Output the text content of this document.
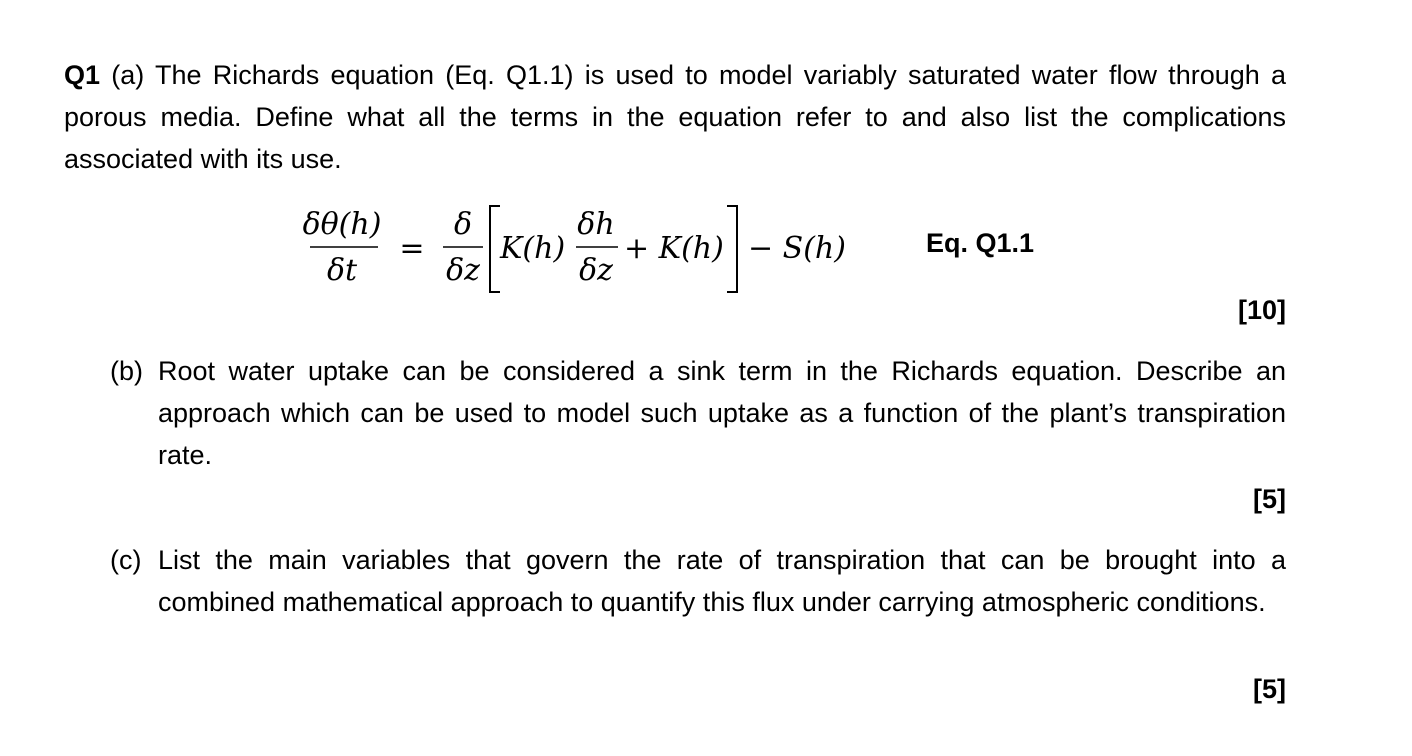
Q1 (a) The Richards equation (Eq. Q1.1) is used to model variably saturated water flow through a porous media. Define what all the terms in the equation refer to and also list the complications associated with its use.
δθ(h)
δt
=
δ
δz
K(h)
δh
δz
+ K(h) − S(h)	Eq. Q1.1
[10]
(b) Root water uptake can be considered a sink term in the Richards equation. Describe an approach which can be used to model such uptake as a function of the plant’s transpiration rate.
[5]
(c) List the main variables that govern the rate of transpiration that can be brought into a combined mathematical approach to quantify this flux under carrying atmospheric conditions.
[5]
